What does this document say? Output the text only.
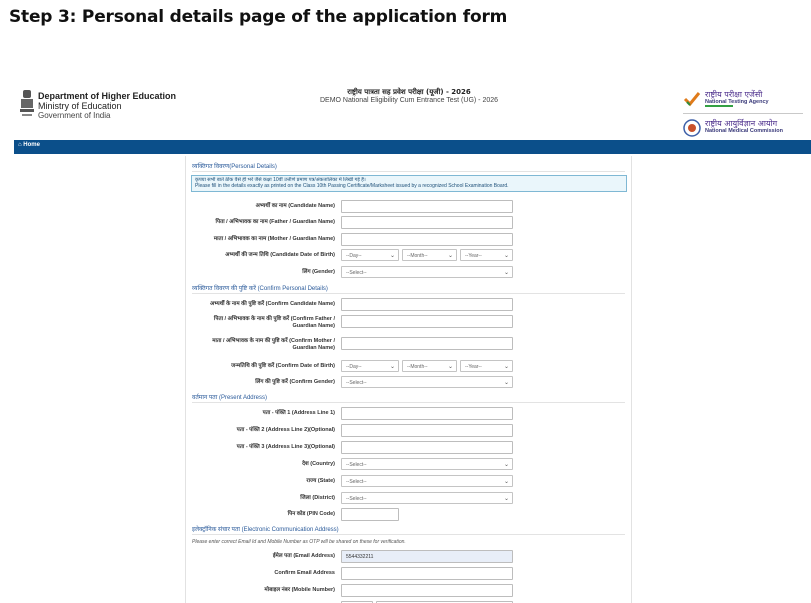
Step 3: Personal details page of the application form
Department of Higher Education
Ministry of Education
Government of India
राष्ट्रीय पात्रता सह प्रवेश परीक्षा (यूजी) - 2026
DEMO National Eligibility Cum Entrance Test (UG) - 2026
राष्ट्रीय परीक्षा एजेंसी
National Testing Agency
राष्ट्रीय आयुर्विज्ञान आयोग
National Medical Commission
⌂ Home
व्यक्तिगत विवरण(Personal Details)
कृपया सभी बातें ठीक वैसे ही भरें जैसे कक्षा 10वीं उत्तीर्ण प्रमाण पत्र/अंकतालिका में लिखी गई हैं।
Please fill in the details exactly as printed on the Class 10th Passing Certificate/Marksheet issued by a recognized School Examination Board.
अभ्यर्थी का नाम (Candidate Name)
पिता / अभिभावक का नाम (Father / Guardian Name)
माता / अभिभावक का नाम (Mother / Guardian Name)
अभ्यर्थी की जन्म तिथि (Candidate Date of Birth)	--Day--	⌄	--Month--	⌄	--Year--	⌄
लिंग (Gender)	--Select--	⌄
व्यक्तिगत विवरण की पुष्टि करें (Confirm Personal Details)
अभ्यर्थी के नाम की पुष्टि करें (Confirm Candidate Name)
पिता / अभिभावक के नाम की पुष्टि करें (Confirm Father / Guardian Name)
माता / अभिभावक के नाम की पुष्टि करें (Confirm Mother / Guardian Name)
जन्मतिथि की पुष्टि करें (Confirm Date of Birth)	--Day--	⌄	--Month--	⌄	--Year--	⌄
लिंग की पुष्टि करें (Confirm Gender)	--Select--	⌄
वर्तमान पता (Present Address)
पता - पंक्ति 1 (Address Line 1)
पता - पंक्ति 2 (Address Line 2)(Optional)
पता - पंक्ति 3 (Address Line 3)(Optional)
देश (Country)	--Select--	⌄
राज्य (State)	--Select--	⌄
जिला (District)	--Select--	⌄
पिन कोड (PIN Code)
इलेक्ट्रॉनिक संचार पता (Electronic Communication Address)
Please enter correct Email Id and Mobile Number as OTP will be shared on these for verification.
ईमेल पता (Email Address)	5544332211
Confirm Email Address
मोबाइल नंबर (Mobile Number)
